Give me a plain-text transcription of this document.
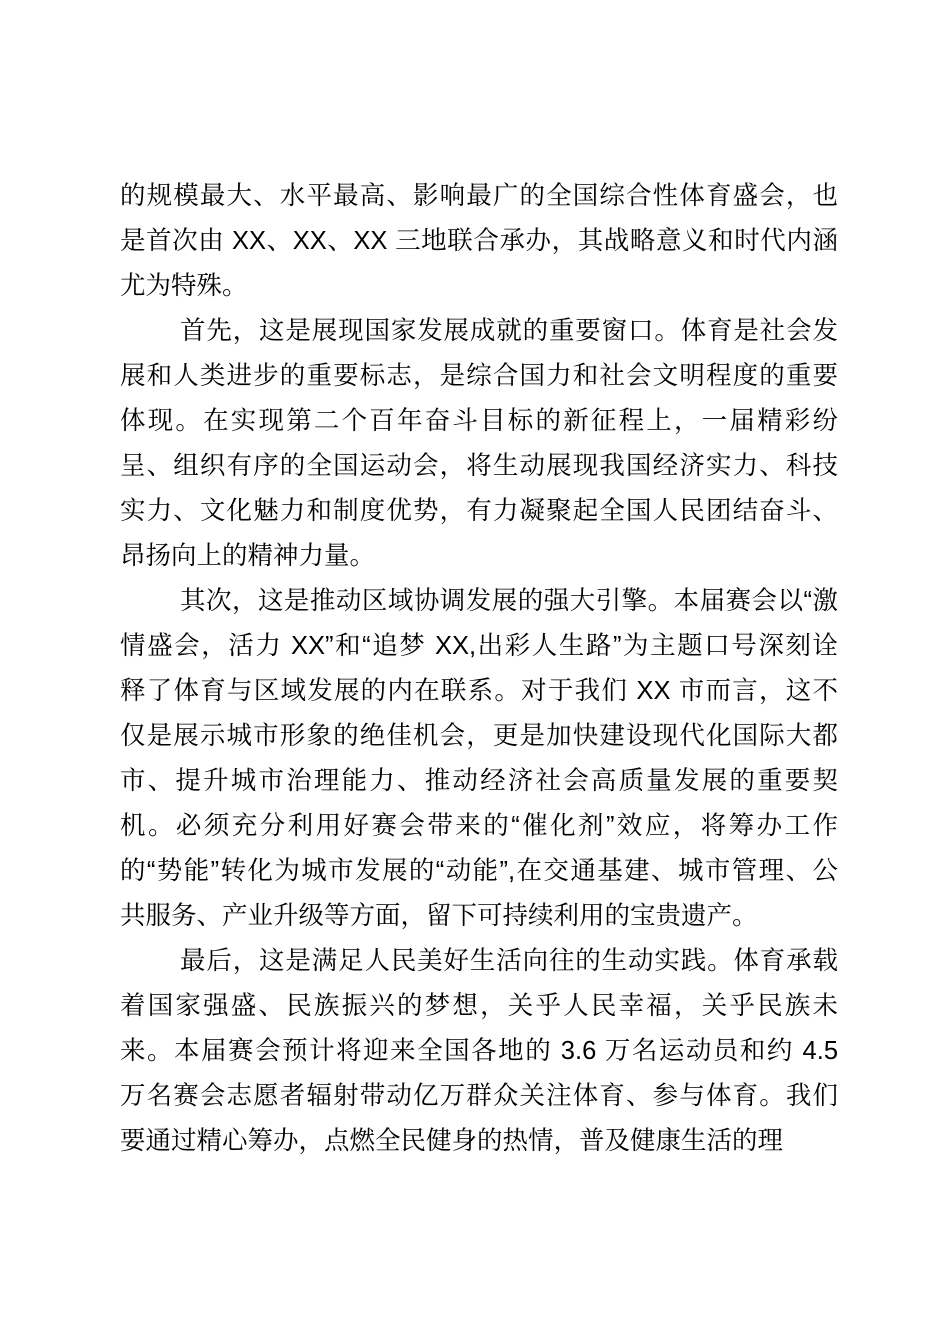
的规模最大、水平最高、影响最广的全国综合性体育盛会，也
是首次由 XX、XX、XX 三地联合承办，其战略意义和时代内涵
尤为特殊。
首先，这是展现国家发展成就的重要窗口。体育是社会发
展和人类进步的重要标志，是综合国力和社会文明程度的重要
体现。在实现第二个百年奋斗目标的新征程上，一届精彩纷
呈、组织有序的全国运动会，将生动展现我国经济实力、科技
实力、文化魅力和制度优势，有力凝聚起全国人民团结奋斗、
昂扬向上的精神力量。
其次，这是推动区域协调发展的强大引擎。本届赛会以“激
情盛会，活力 XX”和“追梦 XX,出彩人生路”为主题口号深刻诠
释了体育与区域发展的内在联系。对于我们 XX 市而言，这不
仅是展示城市形象的绝佳机会，更是加快建设现代化国际大都
市、提升城市治理能力、推动经济社会高质量发展的重要契
机。必须充分利用好赛会带来的“催化剂”效应，将筹办工作
的“势能”转化为城市发展的“动能”,在交通基建、城市管理、公
共服务、产业升级等方面，留下可持续利用的宝贵遗产。
最后，这是满足人民美好生活向往的生动实践。体育承载
着国家强盛、民族振兴的梦想，关乎人民幸福，关乎民族未
来。本届赛会预计将迎来全国各地的 3.6 万名运动员和约 4.5
万名赛会志愿者辐射带动亿万群众关注体育、参与体育。我们
要通过精心筹办，点燃全民健身的热情，普及健康生活的理
